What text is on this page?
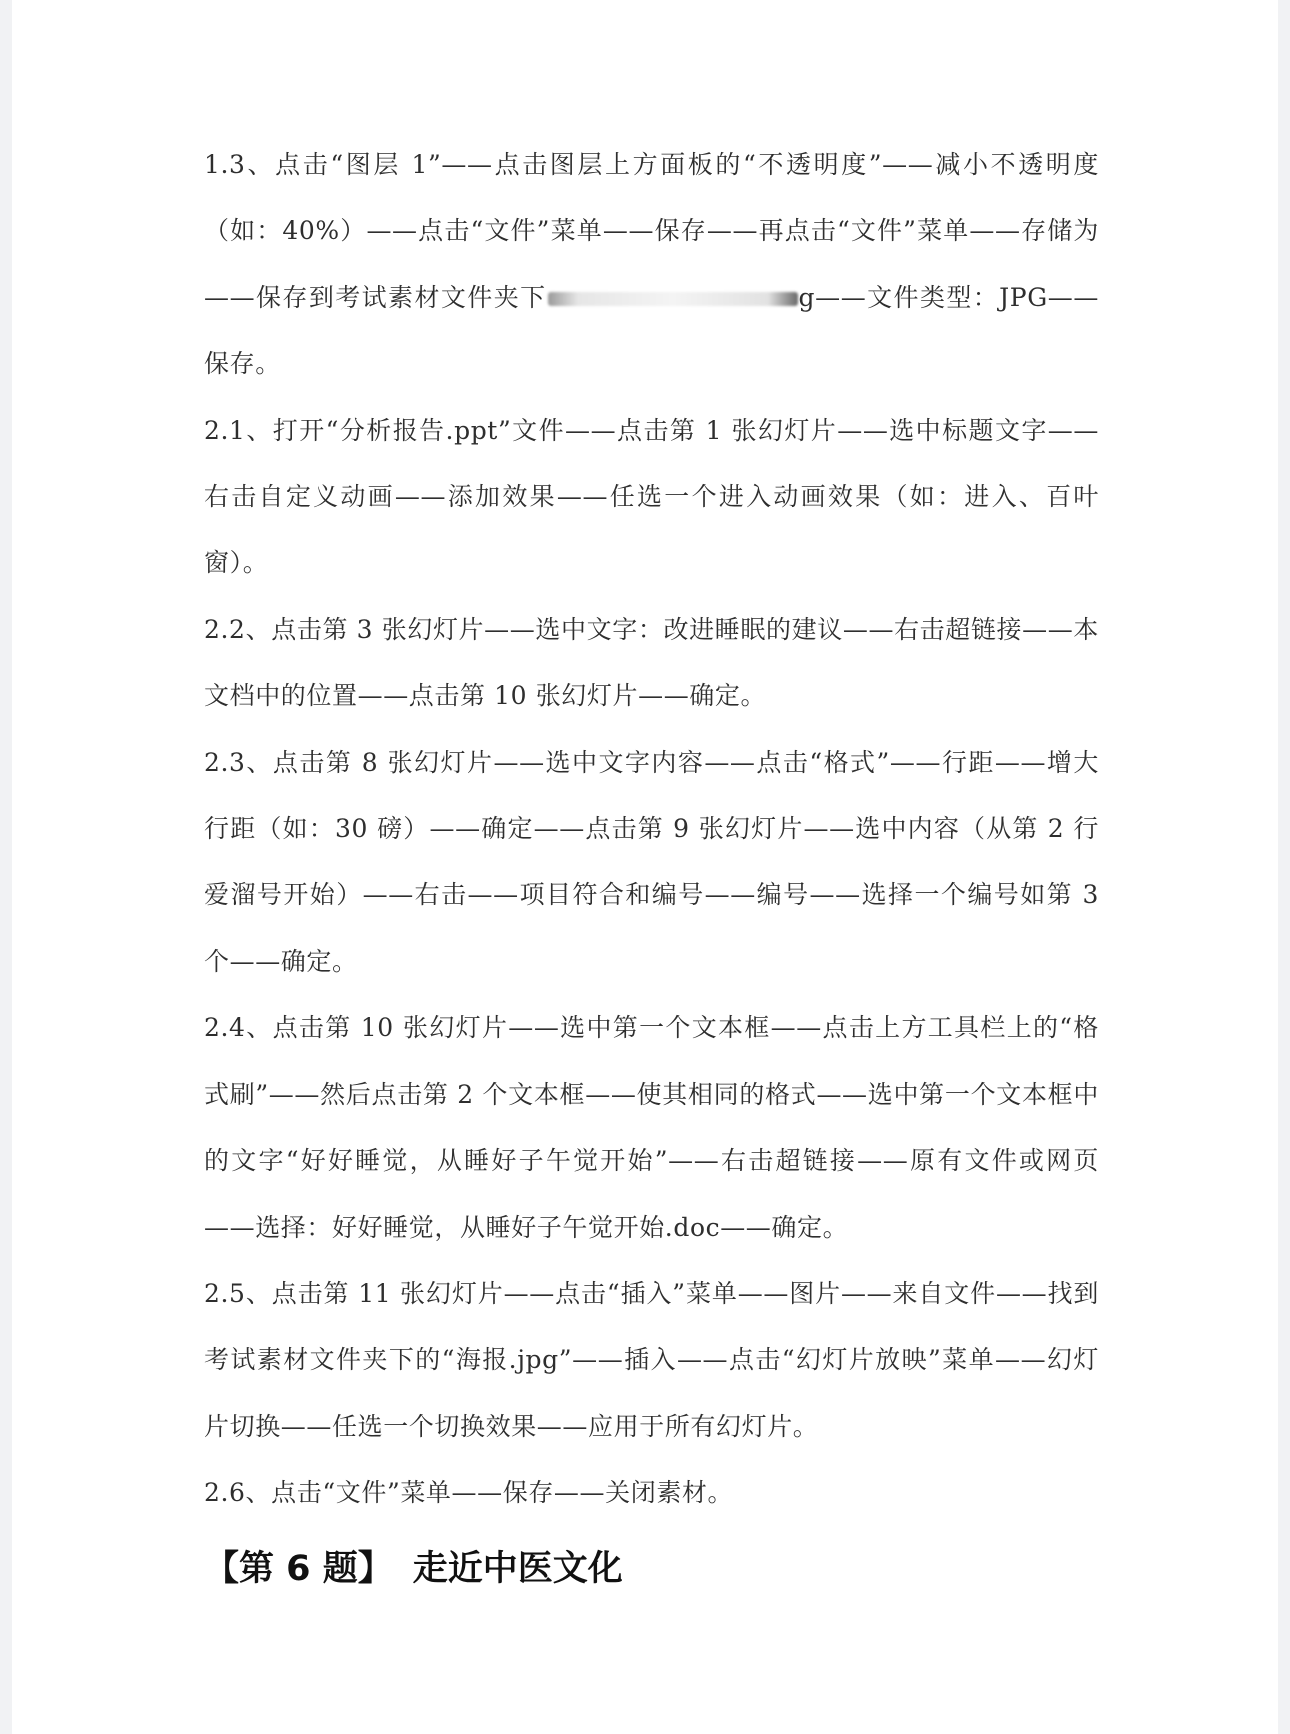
1.3、点击“图层 1”——点击图层上方面板的“不透明度”——减小不透明度（如：40%）——点击“文件”菜单——保存——再点击“文件”菜单——存储为——保存到考试素材文件夹下	g——文件类型：JPG——保存。

2.1、打开“分析报告.ppt”文件——点击第 1 张幻灯片——选中标题文字——右击自定义动画——添加效果——任选一个进入动画效果（如：进入、百叶窗）。

2.2、点击第 3 张幻灯片——选中文字：改进睡眠的建议——右击超链接——本文档中的位置——点击第 10 张幻灯片——确定。

2.3、点击第 8 张幻灯片——选中文字内容——点击“格式”——行距——增大行距（如：30 磅）——确定——点击第 9 张幻灯片——选中内容（从第 2 行爱溜号开始）——右击——项目符合和编号——编号——选择一个编号如第 3 个——确定。

2.4、点击第 10 张幻灯片——选中第一个文本框——点击上方工具栏上的“格式刷”——然后点击第 2 个文本框——使其相同的格式——选中第一个文本框中的文字“好好睡觉，从睡好子午觉开始”——右击超链接——原有文件或网页——选择：好好睡觉，从睡好子午觉开始.doc——确定。

2.5、点击第 11 张幻灯片——点击“插入”菜单——图片——来自文件——找到考试素材文件夹下的“海报.jpg”——插入——点击“幻灯片放映”菜单——幻灯片切换——任选一个切换效果——应用于所有幻灯片。

2.6、点击“文件”菜单——保存——关闭素材。

【第 6 题】 走近中医文化
